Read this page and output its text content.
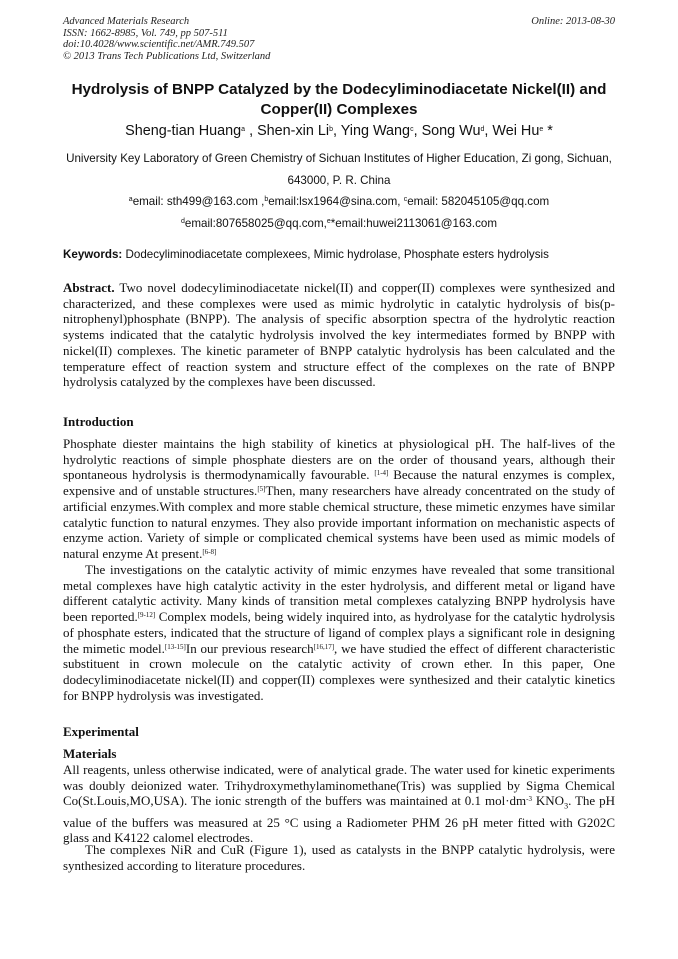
Advanced Materials Research
ISSN: 1662-8985, Vol. 749, pp 507-511
doi:10.4028/www.scientific.net/AMR.749.507
© 2013 Trans Tech Publications Ltd, Switzerland
Online: 2013-08-30
Hydrolysis of BNPP Catalyzed by the Dodecyliminodiacetate Nickel(II) and Copper(II) Complexes
Sheng-tian Huang$^a$ , Shen-xin Li$^b$, Ying Wang$^c$, Song Wu$^d$, Wei Hu$^e$ *
University Key Laboratory of Green Chemistry of Sichuan Institutes of Higher Education, Zi gong, Sichuan, 643000, P. R. China
$^a$email: sth499@163.com ,$^b$email:lsx1964@sina.com, $^c$email: 582045105@qq.com
$^d$email:807658025@qq.com,$^e$*email:huwei2113061@163.com
Keywords: Dodecyliminodiacetate complexees, Mimic hydrolase, Phosphate esters hydrolysis
Abstract. Two novel dodecyliminodiacetate nickel(II) and copper(II) complexes were synthesized and characterized, and these complexes were used as mimic hydrolytic in catalytic hydrolysis of bis(p-nitrophenyl)phosphate (BNPP). The analysis of specific absorption spectra of the hydrolytic reaction systems indicated that the catalytic hydrolysis involved the key intermediates formed by BNPP with nickel(II) complexes. The kinetic parameter of BNPP catalytic hydrolysis has been calculated and the temperature effect of reaction system and structure effect of the complexes on the rate of BNPP hydrolysis catalyzed by the complexes have been discussed.
Introduction
Phosphate diester maintains the high stability of kinetics at physiological pH. The half-lives of the hydrolytic reactions of simple phosphate diesters are on the order of thousand years, although their spontaneous hydrolysis is thermodynamically favourable. [1-4] Because the natural enzymes is complex, expensive and of unstable structures.[5]Then, many researchers have already concentrated on the study of artificial enzymes.With complex and more stable chemical structure, these mimetic enzymes have similar catalytic function to natural enzymes. They also provide important information on mechanistic aspects of enzyme action. Variety of simple or complicated chemical systems have been used as mimic models of natural enzyme At present.[6-8]
The investigations on the catalytic activity of mimic enzymes have revealed that some transitional metal complexes have high catalytic activity in the ester hydrolysis, and different metal or ligand have different catalytic activity. Many kinds of transition metal complexes catalyzing BNPP hydrolysis have been reported.[9-12] Complex models, being widely inquired into, as hydrolyase for the catalytic hydrolysis of phosphate esters, indicated that the structure of ligand of complex plays a significant role in designing the mimetic model.[13-15]In our previous research[16,17], we have studied the effect of different characteristic substituent in crown molecule on the catalytic activity of crown ether. In this paper, One dodecyliminodiacetate nickel(II) and copper(II) complexes were synthesized and their catalytic kinetics for BNPP hydrolysis was investigated.
Experimental
Materials
All reagents, unless otherwise indicated, were of analytical grade. The water used for kinetic experiments was doubly deionized water. Trihydroxymethylaminomethane(Tris) was supplied by Sigma Chemical Co(St.Louis,MO,USA). The ionic strength of the buffers was maintained at 0.1 $mol\cdot dm^{-3}$ $KNO_3$. The pH value of the buffers was measured at 25 °C using a Radiometer PHM 26 pH meter fitted with G202C glass and K4122 calomel electrodes.
The complexes NiR and CuR (Figure 1), used as catalysts in the BNPP catalytic hydrolysis, were synthesized according to literature procedures.
